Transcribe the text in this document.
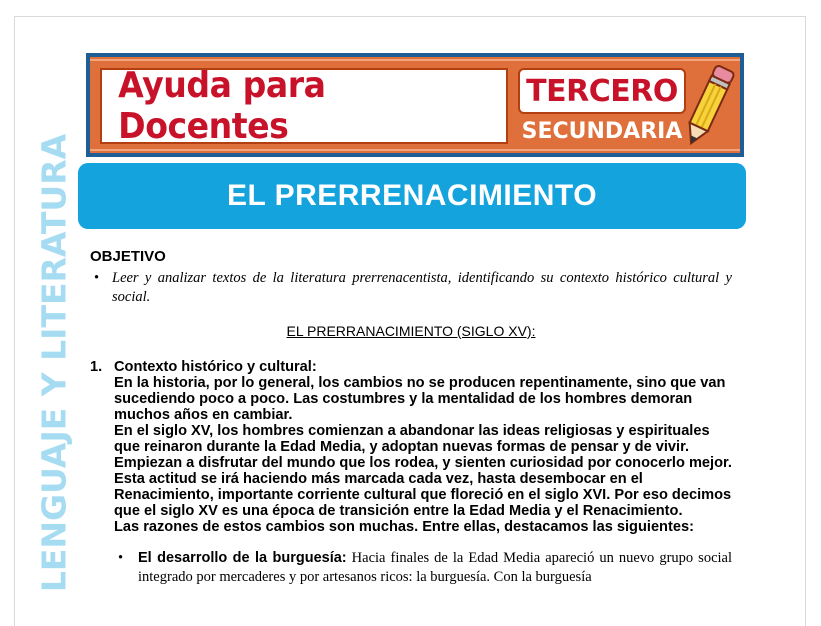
Ayuda para Docentes
TERCERO
SECUNDARIA
LENGUAJE Y LITERATURA	EL PRERRENACIMIENTO

OBJETIVO

• Leer y analizar textos de la literatura prerrenacentista, identificando su contexto histórico cultural y social.

EL PRERRANACIMIENTO (SIGLO XV):

1. Contexto histórico y cultural:

En la historia, por lo general, los cambios no se producen repentinamente, sino que van sucediendo poco a poco. Las costumbres y la mentalidad de los hombres demoran muchos años en cambiar.

En el siglo XV, los hombres comienzan a abandonar las ideas religiosas y espirituales que reinaron durante la Edad Media, y adoptan nuevas formas de pensar y de vivir. Empiezan a disfrutar del mundo que los rodea, y sienten curiosidad por conocerlo mejor. Esta actitud se irá haciendo más marcada cada vez, hasta desembocar en el Renacimiento, importante corriente cultural que floreció en el siglo XVI. Por eso decimos que el siglo XV es una época de transición entre la Edad Media y el Renacimiento.

Las razones de estos cambios son muchas. Entre ellas, destacamos las siguientes:

• El desarrollo de la burguesía: Hacia finales de la Edad Media apareció un nuevo grupo social integrado por mercaderes y por artesanos ricos: la burguesía. Con la burguesía
